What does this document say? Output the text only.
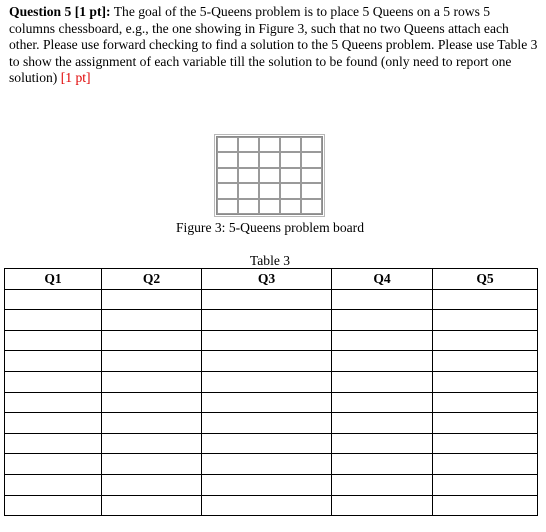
Question 5 [1 pt]: The goal of the 5-Queens problem is to place 5 Queens on a 5 rows 5 columns chessboard, e.g., the one showing in Figure 3, such that no two Queens attach each other. Please use forward checking to find a solution to the 5 Queens problem. Please use Table 3 to show the assignment of each variable till the solution to be found (only need to report one solution) [1 pt]
Figure 3: 5-Queens problem board
Table 3
Q1	Q2	Q3	Q4	Q5
